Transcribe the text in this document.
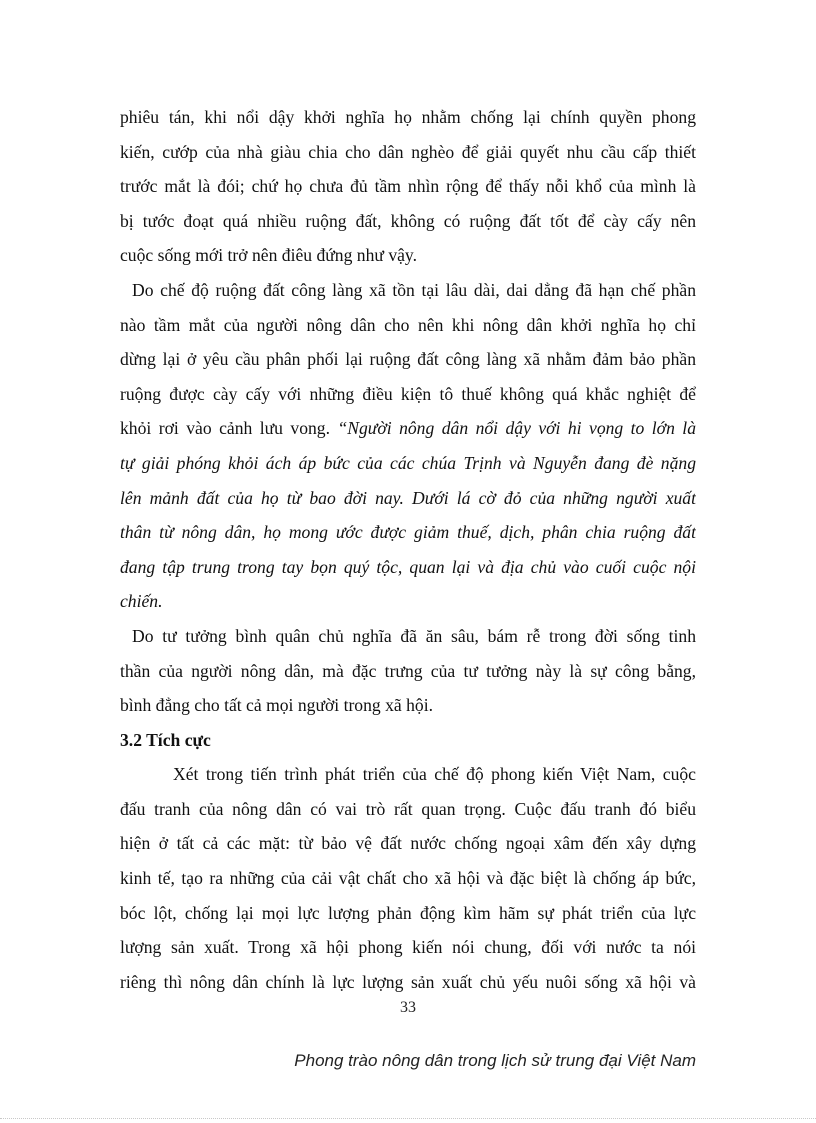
phiêu tán, khi nổi dậy khởi nghĩa họ nhằm chống lại chính quyền phong
kiến, cướp của nhà giàu chia cho dân nghèo để giải quyết nhu cầu cấp thiết
trước mắt là đói; chứ họ chưa đủ tầm nhìn rộng để thấy nỗi khổ của mình là
bị tước đoạt quá nhiều ruộng đất, không có ruộng đất tốt để cày cấy nên
cuộc sống mới trở nên điêu đứng như vậy.
Do chế độ ruộng đất công làng xã tồn tại lâu dài, dai dẳng đã hạn chế phần
nào tầm mắt của người nông dân cho nên khi nông dân khởi nghĩa họ chỉ
dừng lại ở yêu cầu phân phối lại ruộng đất công làng xã nhằm đảm bảo phần
ruộng được cày cấy với những điều kiện tô thuế không quá khắc nghiệt để
khỏi rơi vào cảnh lưu vong. “Người nông dân nổi dậy với hi vọng to lớn là
tự giải phóng khỏi ách áp bức của các chúa Trịnh và Nguyễn đang đè nặng
lên mảnh đất của họ từ bao đời nay. Dưới lá cờ đỏ của những người xuất
thân từ nông dân, họ mong ước được giảm thuế, dịch, phân chia ruộng đất
đang tập trung trong tay bọn quý tộc, quan lại và địa chủ vào cuối cuộc nội
chiến.
Do tư tưởng bình quân chủ nghĩa đã ăn sâu, bám rễ trong đời sống tinh
thần của người nông dân, mà đặc trưng của tư tưởng này là sự công bằng,
bình đẳng cho tất cả mọi người trong xã hội.
3.2 Tích cực
Xét trong tiến trình phát triển của chế độ phong kiến Việt Nam, cuộc
đấu tranh của nông dân có vai trò rất quan trọng. Cuộc đấu tranh đó biểu
hiện ở tất cả các mặt: từ bảo vệ đất nước chống ngoại xâm đến xây dựng
kinh tế, tạo ra những của cải vật chất cho xã hội và đặc biệt là chống áp bức,
bóc lột, chống lại mọi lực lượng phản động kìm hãm sự phát triển của lực
lượng sản xuất. Trong xã hội phong kiến nói chung, đối với nước ta nói
riêng thì nông dân chính là lực lượng sản xuất chủ yếu nuôi sống xã hội và
33
Phong trào nông dân trong lịch sử trung đại Việt Nam
